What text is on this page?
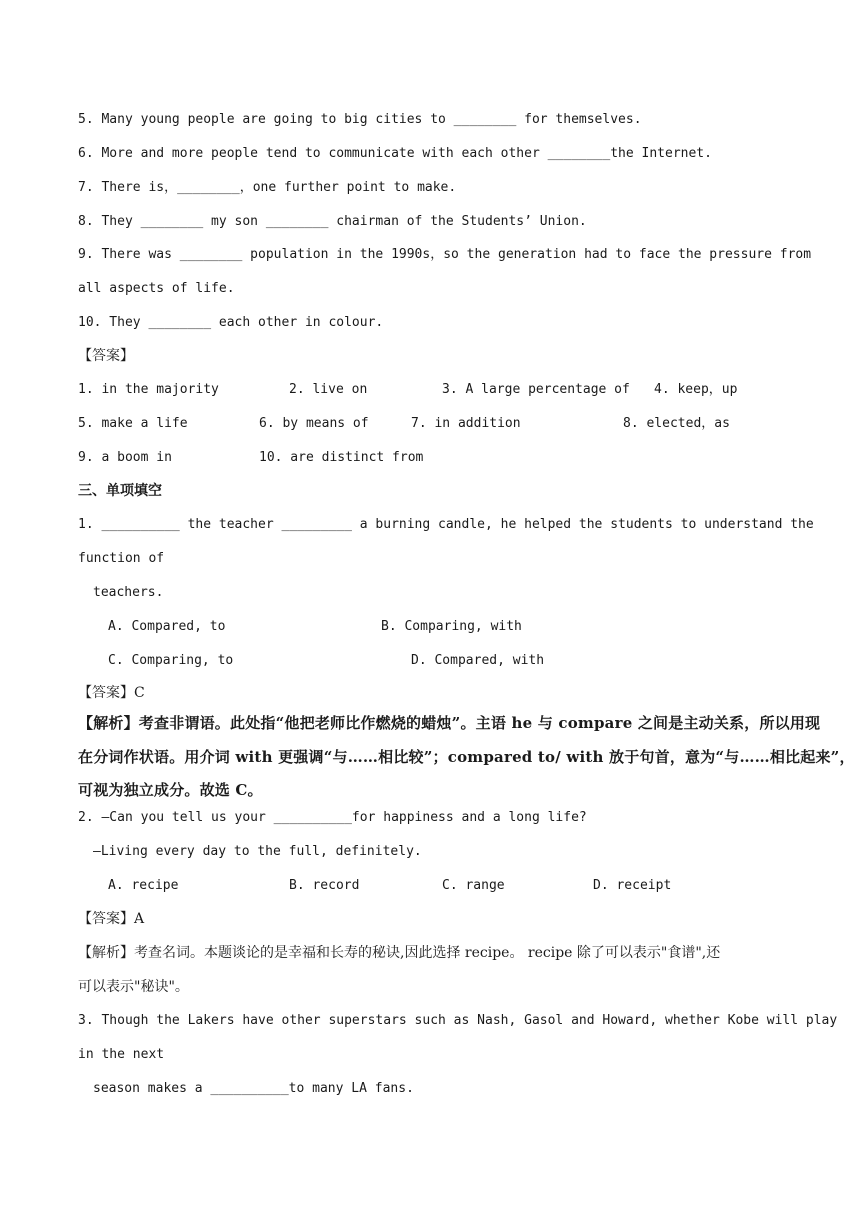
5. Many young people are going to big cities to ________ for themselves.
6. More and more people tend to communicate with each other ________the Internet.
7. There is，________，one further point to make.
8. They ________ my son ________ chairman of the Students’ Union.
9. There was ________ population in the 1990s，so the generation had to face the pressure from
all aspects of life.
10. They ________ each other in colour.
【答案】
1. in the majority	2. live on	3. A large percentage of 4. keep，up
5. make a life	6. by means of	7. in addition	8. elected，as
9. a boom in	10. are distinct from
三、单项填空
1. __________ the teacher _________ a burning candle, he helped the students to understand the
function of
teachers.
A. Compared, to	B. Comparing, with
C. Comparing, to	D. Compared, with
【答案】C
【解析】考查非谓语。此处指“他把老师比作燃烧的蜡烛”。主语 he 与 compare 之间是主动关系，所以用现
在分词作状语。用介词 with 更强调“与……相比较”；compared to/ with 放于句首，意为“与……相比起来”，
可视为独立成分。故选 C。
2. —Can you tell us your __________for happiness and a long life?
—Living every day to the full, definitely.
A. recipe	B. record	C. range	D. receipt
【答案】A
【解析】考查名词。本题谈论的是幸福和长寿的秘诀,因此选择 recipe。 recipe 除了可以表示"食谱",还
可以表示"秘诀"。
3. Though the Lakers have other superstars such as Nash, Gasol and Howard, whether Kobe will play
in the next
season makes a __________to many LA fans.
